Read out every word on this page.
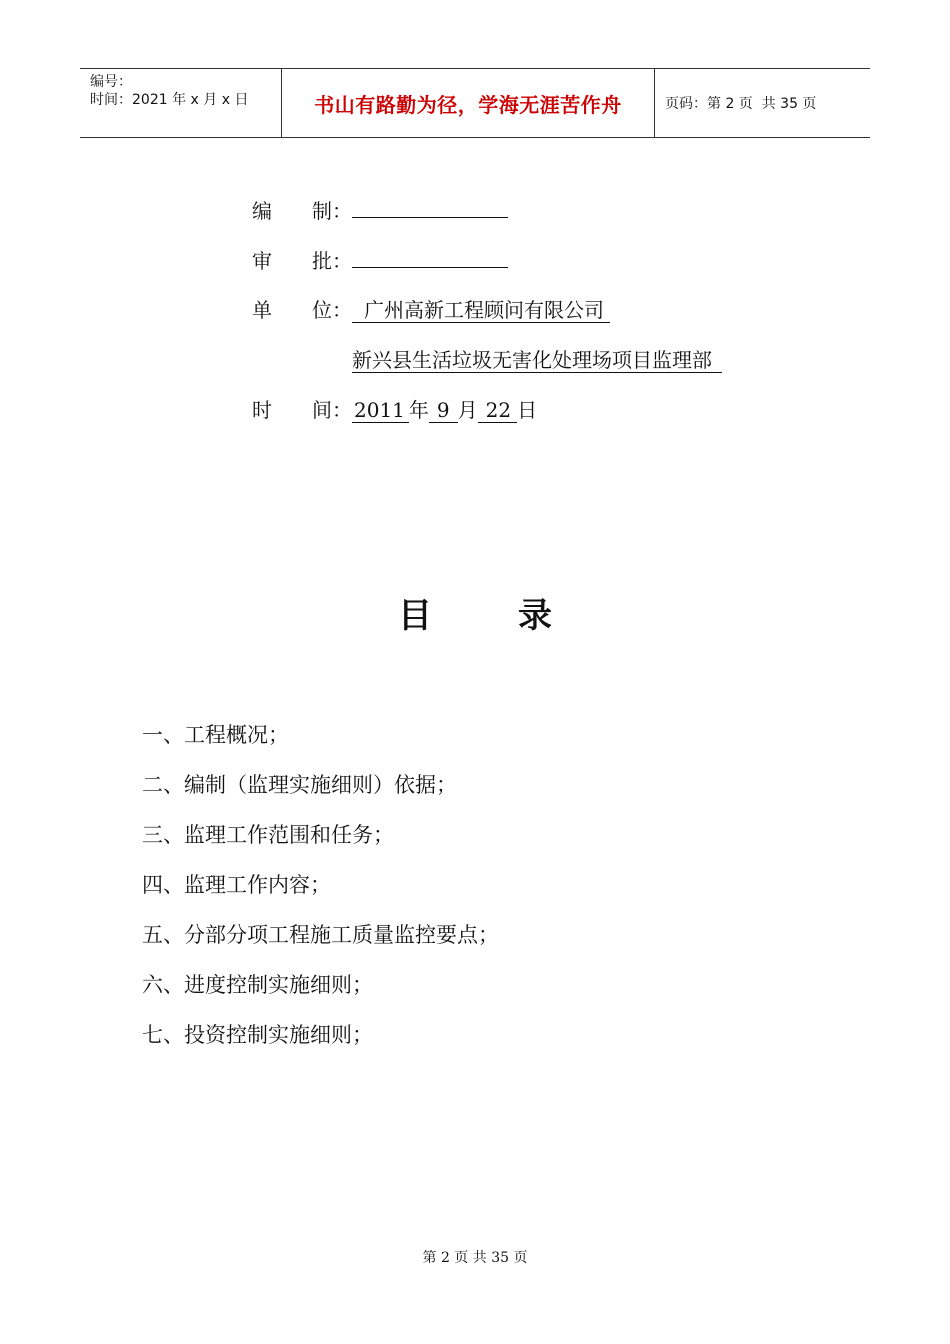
编号：
时间：2021 年 x 月 x 日	书山有路勤为径，学海无涯苦作舟	页码：第 2 页  共 35 页
编　　制：
审　　批：
单　　位： 广州高新工程顾问有限公司
新兴县生活垃圾无害化处理场项目监理部
时　　间： 2011 年 9 月 22 日
目	录
一、工程概况；
二、编制（监理实施细则）依据；
三、监理工作范围和任务；
四、监理工作内容；
五、分部分项工程施工质量监控要点；
六、进度控制实施细则；
七、投资控制实施细则；
第 2 页 共 35 页
